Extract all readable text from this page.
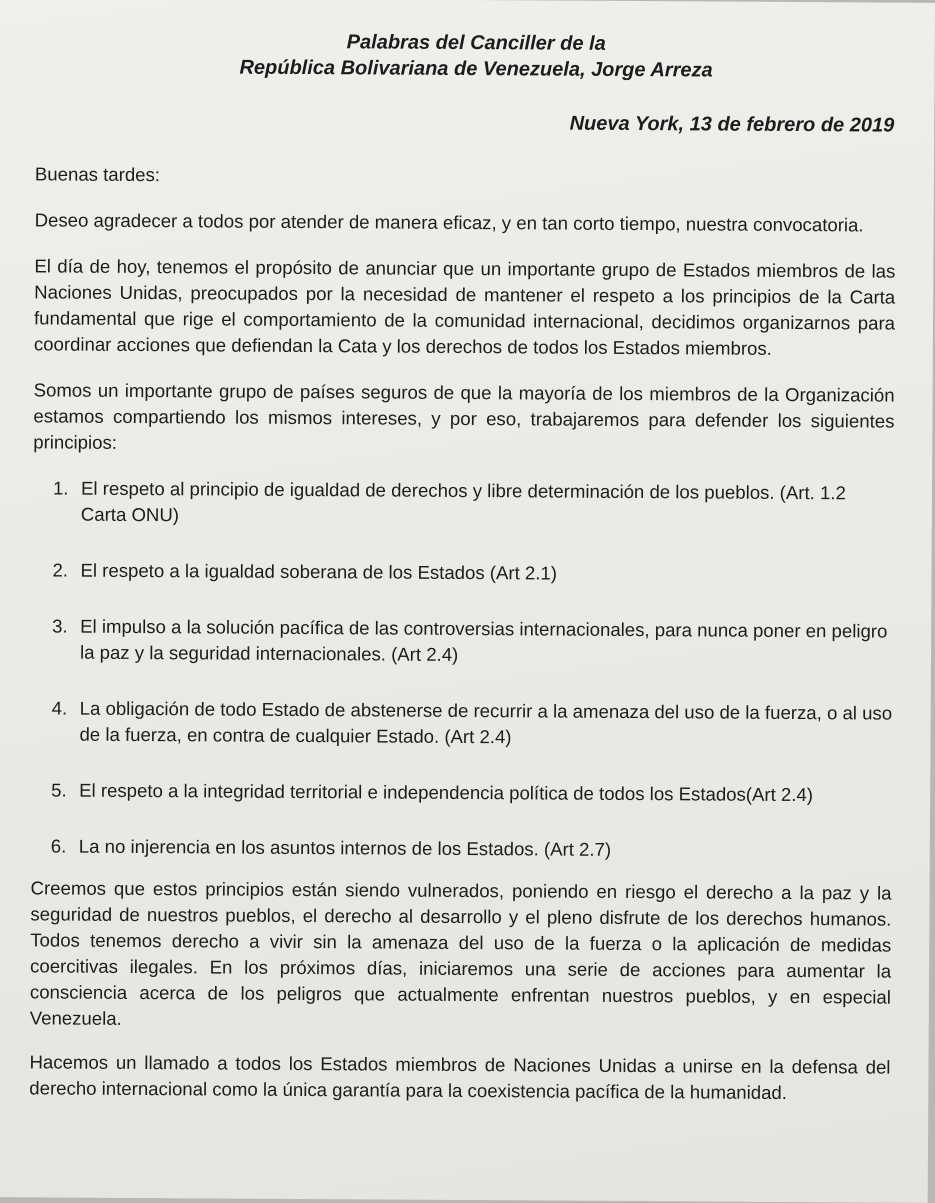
Palabras del Canciller de la
República Bolivariana de Venezuela, Jorge Arreza
Nueva York, 13 de febrero de 2019

Buenas tardes:

Deseo agradecer a todos por atender de manera eficaz, y en tan corto tiempo, nuestra convocatoria.

El día de hoy, tenemos el propósito de anunciar que un importante grupo de Estados miembros de las Naciones Unidas, preocupados por la necesidad de mantener el respeto a los principios de la Carta fundamental que rige el comportamiento de la comunidad internacional, decidimos organizarnos para coordinar acciones que defiendan la Cata y los derechos de todos los Estados miembros.

Somos un importante grupo de países seguros de que la mayoría de los miembros de la Organización estamos compartiendo los mismos intereses, y por eso, trabajaremos para defender los siguientes principios:

1. El respeto al principio de igualdad de derechos y libre determinación de los pueblos. (Art. 1.2 Carta ONU)
2. El respeto a la igualdad soberana de los Estados (Art 2.1)
3. El impulso a la solución pacífica de las controversias internacionales, para nunca poner en peligro la paz y la seguridad internacionales. (Art 2.4)
4. La obligación de todo Estado de abstenerse de recurrir a la amenaza del uso de la fuerza, o al uso de la fuerza, en contra de cualquier Estado. (Art 2.4)
5. El respeto a la integridad territorial e independencia política de todos los Estados(Art 2.4)
6. La no injerencia en los asuntos internos de los Estados. (Art 2.7)

Creemos que estos principios están siendo vulnerados, poniendo en riesgo el derecho a la paz y la seguridad de nuestros pueblos, el derecho al desarrollo y el pleno disfrute de los derechos humanos. Todos tenemos derecho a vivir sin la amenaza del uso de la fuerza o la aplicación de medidas coercitivas ilegales. En los próximos días, iniciaremos una serie de acciones para aumentar la consciencia acerca de los peligros que actualmente enfrentan nuestros pueblos, y en especial Venezuela.

Hacemos un llamado a todos los Estados miembros de Naciones Unidas a unirse en la defensa del derecho internacional como la única garantía para la coexistencia pacífica de la humanidad.
